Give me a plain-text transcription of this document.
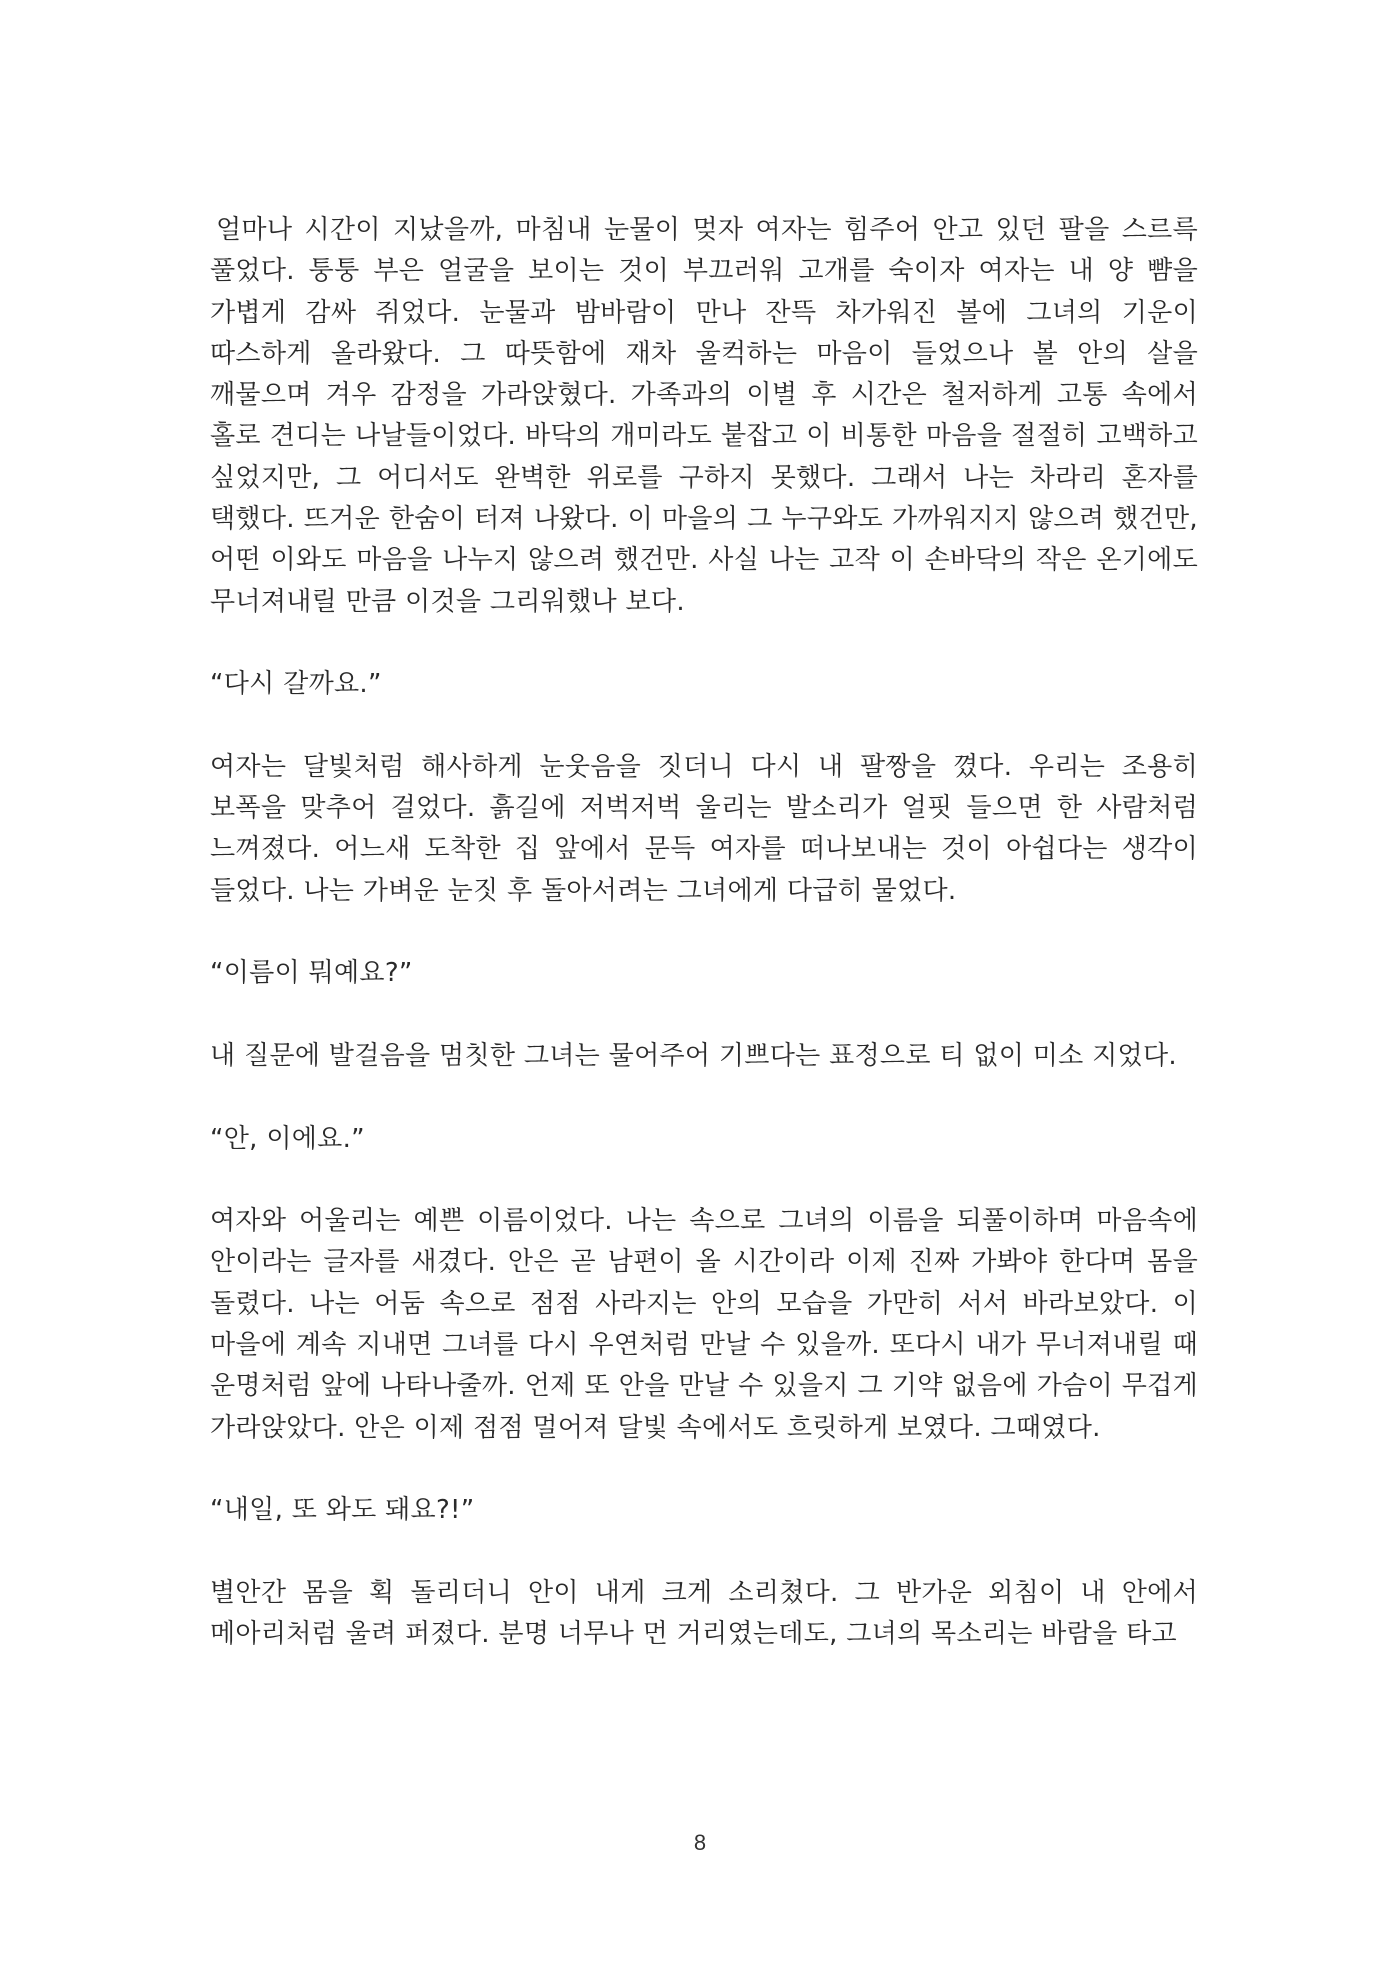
얼마나 시간이 지났을까, 마침내 눈물이 멎자 여자는 힘주어 안고 있던 팔을 스르륵 풀었다. 퉁퉁 부은 얼굴을 보이는 것이 부끄러워 고개를 숙이자 여자는 내 양 뺨을 가볍게 감싸 쥐었다. 눈물과 밤바람이 만나 잔뜩 차가워진 볼에 그녀의 기운이 따스하게 올라왔다. 그 따뜻함에 재차 울컥하는 마음이 들었으나 볼 안의 살을 깨물으며 겨우 감정을 가라앉혔다. 가족과의 이별 후 시간은 철저하게 고통 속에서 홀로 견디는 나날들이었다. 바닥의 개미라도 붙잡고 이 비통한 마음을 절절히 고백하고 싶었지만, 그 어디서도 완벽한 위로를 구하지 못했다. 그래서 나는 차라리 혼자를 택했다. 뜨거운 한숨이 터져 나왔다. 이 마을의 그 누구와도 가까워지지 않으려 했건만, 어떤 이와도 마음을 나누지 않으려 했건만. 사실 나는 고작 이 손바닥의 작은 온기에도 무너져내릴 만큼 이것을 그리워했나 보다.

“다시 갈까요.”

여자는 달빛처럼 해사하게 눈웃음을 짓더니 다시 내 팔짱을 꼈다. 우리는 조용히 보폭을 맞추어 걸었다. 흙길에 저벅저벅 울리는 발소리가 얼핏 들으면 한 사람처럼 느껴졌다. 어느새 도착한 집 앞에서 문득 여자를 떠나보내는 것이 아쉽다는 생각이 들었다. 나는 가벼운 눈짓 후 돌아서려는 그녀에게 다급히 물었다.

“이름이 뭐예요?”

내 질문에 발걸음을 멈칫한 그녀는 물어주어 기쁘다는 표정으로 티 없이 미소 지었다.

“안, 이에요.”

여자와 어울리는 예쁜 이름이었다. 나는 속으로 그녀의 이름을 되풀이하며 마음속에 안이라는 글자를 새겼다. 안은 곧 남편이 올 시간이라 이제 진짜 가봐야 한다며 몸을 돌렸다. 나는 어둠 속으로 점점 사라지는 안의 모습을 가만히 서서 바라보았다. 이 마을에 계속 지내면 그녀를 다시 우연처럼 만날 수 있을까. 또다시 내가 무너져내릴 때 운명처럼 앞에 나타나줄까. 언제 또 안을 만날 수 있을지 그 기약 없음에 가슴이 무겁게 가라앉았다. 안은 이제 점점 멀어져 달빛 속에서도 흐릿하게 보였다. 그때였다.

“내일, 또 와도 돼요?!”

별안간 몸을 획 돌리더니 안이 내게 크게 소리쳤다. 그 반가운 외침이 내 안에서 메아리처럼 울려 퍼졌다. 분명 너무나 먼 거리였는데도, 그녀의 목소리는 바람을 타고

8
